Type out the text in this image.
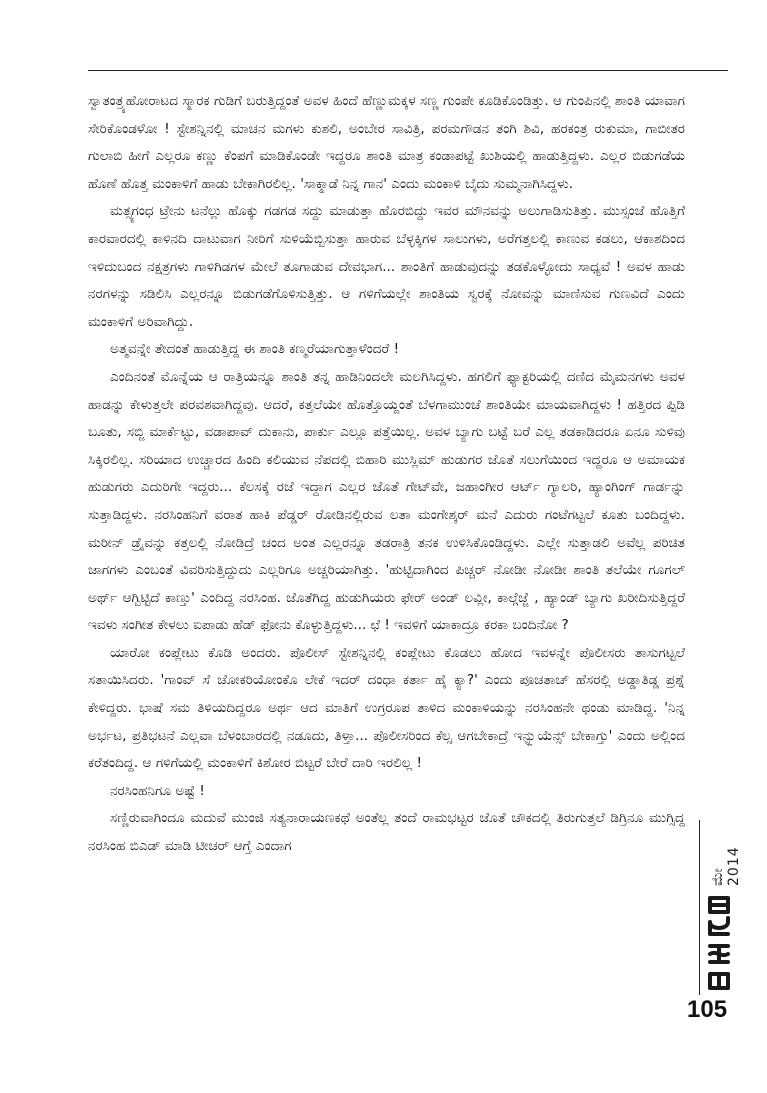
ಸ್ವಾತಂತ್ರ್ಯಹೋರಾಟದ ಸ್ಮಾರಕ ಗುಡಿಗೆ ಬರುತ್ತಿದ್ದಂತೆ ಅವಳ ಹಿಂದೆ ಹೆಣ್ಣುಮಕ್ಕಳ ಸಣ್ಣ ಗುಂಪೇ ಕೂಡಿಕೊಂಡಿತ್ತು. ಆ ಗುಂಪಿನಲ್ಲಿ ಶಾಂತಿ ಯಾವಾಗ ಸೇರಿಕೊಂಡಳೋ ! ಸ್ಟೇಶನ್ನಿನಲ್ಲಿ ಮಾಚನ ಮಗಳು ಕುಶಲಿ, ಅಂಬೇರ ಸಾವಿತ್ರಿ, ಪರಮಗೌಡನ ತಂಗಿ ಶಿವಿ, ಹರಕಂತ್ರ ರುಕುಮಾ, ಗಾಬೀತರ ಗುಲಾಬಿ ಹೀಗೆ ಎಲ್ಲರೂ ಕಣ್ಣು ಕೆಂಪಗೆ ಮಾಡಿಕೊಂಡೇ ಇದ್ದರೂ ಶಾಂತಿ ಮಾತ್ರ ಕಂಡಾಪಟ್ಟೆ ಖುಶಿಯಲ್ಲಿ ಹಾಡುತ್ತಿದ್ದಳು. ಎಲ್ಲರ ಬಿಡುಗಡೆಯ ಹೊಣೆ ಹೊತ್ತ ಮಂಕಾಳಿಗೆ ಹಾಡು ಬೇಕಾಗಿರಲಿಲ್ಲ. 'ಸಾಕ್ಮಾಡೆ ನಿನ್ನ ಗಾನ' ಎಂದು ಮಂಕಾಳಿ ಬೈದು ಸುಮ್ಮನಾಗಿಸಿದ್ದಳು.

ಮತ್ಸ್ಯಗಂಧ ಟ್ರೇನು ಟನೆಲ್ಲು ಹೊಕ್ಕು ಗಡಗಡ ಸದ್ದು ಮಾಡುತ್ತಾ ಹೊರಬಿದ್ದು ಇವರ ಮೌನವನ್ನು ಅಲುಗಾಡಿಸುತಿತ್ತು. ಮುಸ್ಸಂಜೆ ಹೊತ್ತಿಗೆ ಕಾರವಾರದಲ್ಲಿ ಕಾಳಿನದಿ ದಾಟುವಾಗ ನೀರಿಗೆ ಸುಳಿಯೆಬ್ಬಿಸುತ್ತಾ ಹಾರುವ ಬೆಳ್ಳಕ್ಕಿಗಳ ಸಾಲುಗಳು, ಅರೆಗತ್ತಲಲ್ಲಿ ಕಾಣುವ ಕಡಲು, ಆಕಾಶದಿಂದ ಇಳಿದುಬಂದ ನಕ್ಷತ್ರಗಳು ಗಾಳಿಗಿಡಗಳ ಮೇಲೆ ತೂಗಾಡುವ ದೇವಭಾಗ... ಶಾಂತಿಗೆ ಹಾಡುವುದನ್ನು ತಡಕೊಳ್ಳೋದು ಸಾಧ್ಯವೆ ! ಅವಳ ಹಾಡು ನರಗಳನ್ನು ಸಡಿಲಿಸಿ ಎಲ್ಲರನ್ನೂ ಬಿಡುಗಡೆಗೊಳಿಸುತ್ತಿತ್ತು. ಆ ಗಳಿಗೆಯಲ್ಲೇ ಶಾಂತಿಯ ಸ್ವರಕ್ಕೆ ನೋವನ್ನು ಮಾಣಿಸುವ ಗುಣವಿದೆ ಎಂದು ಮಂಕಾಳಿಗೆ ಅರಿವಾಗಿದ್ದು.

ಅತ್ಮವನ್ನೇ ತೇದಂತೆ ಹಾಡುತ್ತಿದ್ದ ಈ ಶಾಂತಿ ಕಣ್ಮರೆಯಾಗುತ್ತಾಳೆಂದರೆ !

ಎಂದಿನಂತೆ ಮೊನ್ನೆಯ ಆ ರಾತ್ರಿಯನ್ನೂ ಶಾಂತಿ ತನ್ನ ಹಾಡಿನಿಂದಲೇ ಮಲಗಿಸಿದ್ದಳು. ಹಗಲಿಗೆ ಫ್ಯಾಕ್ಟರಿಯಲ್ಲಿ ದಣಿದ ಮೈಮನಗಳು ಅವಳ ಹಾಡನ್ನು ಕೇಳುತ್ತಲೇ ಪರವಶವಾಗಿದ್ದವು. ಆದರೆ, ಕತ್ತಲೆಯೇ ಹೊತ್ತೊಯ್ದಂತೆ ಬೆಳಗಾಮುಂಚೆ ಶಾಂತಿಯೇ ಮಾಯವಾಗಿದ್ದಳು ! ಹತ್ತಿರದ ಪ್ಪಿಡಿ ಬೂತು, ಸಬ್ಜಿ ಮಾರ್ಕೆಟ್ಟು, ವಡಾಪಾವ್ ದುಕಾನು, ಪಾರ್ಕು ಎಲ್ಲೂ ಪತ್ತೆಯಿಲ್ಲ. ಅವಳ ಬ್ಯಾಗು ಬಟ್ಟೆ ಬರೆ ಎಲ್ಲ ತಡಕಾಡಿದರೂ ಏನೂ ಸುಳಿವು ಸಿಕ್ಕಿರಲಿಲ್ಲ. ಸರಿಯಾದ ಉಚ್ಚಾರದ ಹಿಂದಿ ಕಲಿಯುವ ನೆಪದಲ್ಲಿ ಬಿಹಾರಿ ಮುಸ್ಲಿಮ್ ಹುಡುಗರ ಜೊತೆ ಸಲುಗೆಯಿಂದ ಇದ್ದರೂ ಆ ಅಮಾಯಕ ಹುಡುಗರು ಎದುರಿಗೇ ಇದ್ದರು... ಕೆಲಸಕ್ಕೆ ರಜೆ ಇದ್ದಾಗ ಎಲ್ಲರ ಜೊತೆ ಗೇಟ್‌ವೇ, ಜಹಾಂಗೀರ ಆರ್ಟ್ ಗ್ಯಾಲರಿ, ಹ್ಯಾಂಗಿಂಗ್ ಗಾರ್ಡನ್ನು ಸುತ್ತಾಡಿದ್ದಳು. ನರಸಿಂಹನಿಗೆ ವರಾತ ಹಾಕಿ ಪೆಡ್ಡರ್ ರೋಡಿನಲ್ಲಿರುವ ಲತಾ ಮಂಗೇಶ್ಕರ್ ಮನೆ ಎದುರು ಗಂಟೆಗಟ್ಟಲೆ ಕೂತು ಬಂದಿದ್ದಳು. ಮರೀನ್ ಡ್ರೈವನ್ನು ಕತ್ತಲಲ್ಲಿ ನೋಡಿದ್ರೆ ಚಂದ ಅಂತ ಎಲ್ಲರನ್ನೂ ತಡರಾತ್ರಿ ತನಕ ಉಳಿಸಿಕೊಂಡಿದ್ದಳು. ಎಲ್ಲೇ ಸುತ್ತಾಡಲಿ ಅವೆಲ್ಲ ಪರಿಚಿತ ಜಾಗಗಳು ಎಂಬಂತೆ ವಿವರಿಸುತ್ತಿದ್ದುದು ಎಲ್ಲರಿಗೂ ಅಚ್ಚರಿಯಾಗಿತ್ತು. 'ಹುಟ್ಟಿದಾಗಿಂದ ಪಿಚ್ಚರ್ ನೋಡೀ ನೋಡೀ ಶಾಂತಿ ತಲೆಯೇ ಗೂಗಲ್ ಅರ್ಥ್ ಆಗ್ಬಿಟ್ಟಿದೆ ಕಾಣ್ತು' ಎಂದಿದ್ದ ನರಸಿಂಹ. ಜೊತೆಗಿದ್ದ ಹುಡುಗಿಯರು ಫೇರ್ ಅಂಡ್ ಲವ್ಲೀ, ಕಾಲ್ಗೆಜ್ಜೆ , ಹ್ಯಾಂಡ್ ಬ್ಯಾಗು ಖರೀದಿಸುತ್ತಿದ್ದರೆ ಇವಳು ಸಂಗೀತ ಕೇಳಲು ಐಪಾಡು ಹೆಡ್ ಫೋನು ಕೊಳ್ಳುತ್ತಿದ್ದಳು... ಛೆ ! ಇವಳಿಗೆ ಯಾಕಾದ್ರೂ ಕರಕಾ ಬಂದಿನೋ ?

ಯಾರೋ ಕಂಪ್ಲೇಟು ಕೊಡಿ ಅಂದರು. ಪೊಲೀಸ್ ಸ್ಟೇಶನ್ನಿನಲ್ಲಿ ಕಂಪ್ಲೇಟು ಕೊಡಲು ಹೋದ ಇವಳನ್ನೇ ಪೊಲೀಸರು ತಾಸುಗಟ್ಟಲೆ ಸತಾಯಿಸಿದರು. 'ಗಾಂವ್ ಸೆ ಚೋಕರಿಯೋಂಕೊ ಲೇಕೆ ಇದರ್ ದಂಧಾ ಕರ್ತಾ ಹೈ ಕ್ಯಾ?' ಎಂದು ಪೂಚತಾಚ್ ಹೆಸರಲ್ಲಿ ಅಡ್ಡಾತಿಡ್ಡ ಪ್ರಶ್ನೆ ಕೇಳಿದ್ದರು. ಭಾಷೆ ಸಮ ತಿಳಿಯದಿದ್ದರೂ ಅರ್ಥ ಆದ ಮಾತಿಗೆ ಉಗ್ರರೂಪ ತಾಳಿದ ಮಂಕಾಳಿಯನ್ನು ನರಸಿಂಹನೇ ಥಂಡು ಮಾಡಿದ್ದ. 'ನಿನ್ನ ಅರ್ಭಟ, ಪ್ರತಿಭಟನೆ ಎಲ್ಲವಾ ಬೆಳಂಬಾರದಲ್ಲಿ ನಡೂದು, ತಿಳ್ತಾ... ಪೊಲೀಸರಿಂದ ಕೆಲ್ಸ ಆಗಬೇಕಾದ್ರೆ ಇನ್ಫ್ಲುಯೆನ್ಸ್ ಬೇಕಾಗ್ತು' ಎಂದು ಅಲ್ಲಿಂದ ಕರೆತಂದಿದ್ದ. ಆ ಗಳಿಗೆಯಲ್ಲಿ ಮಂಕಾಳಿಗೆ ಕಿಶೋರ ಬಿಟ್ಟರೆ ಬೇರೆ ದಾರಿ ಇರಲಿಲ್ಲ !

ನರಸಿಂಹನಿಗೂ ಅಷ್ಟೆ !

ಸಣ್ಣಿರುವಾಗಿಂದೂ ಮದುವೆ ಮುಂಜಿ ಸತ್ಯನಾರಾಯಣಕಥೆ ಅಂತೆಲ್ಲ ತಂದೆ ರಾಮಭಟ್ಟರ ಜೊತೆ ಚೌಕದಲ್ಲಿ ತಿರುಗುತ್ತಲೆ ಡಿಗ್ರಿನೂ ಮುಗ್ಸಿದ್ದ ನರಸಿಂಹ ಬಿಎಡ್ ಮಾಡಿ ಟೀಚರ್ ಆಗ್ತೆ ಎಂದಾಗ

ಮೇ 2014
105
